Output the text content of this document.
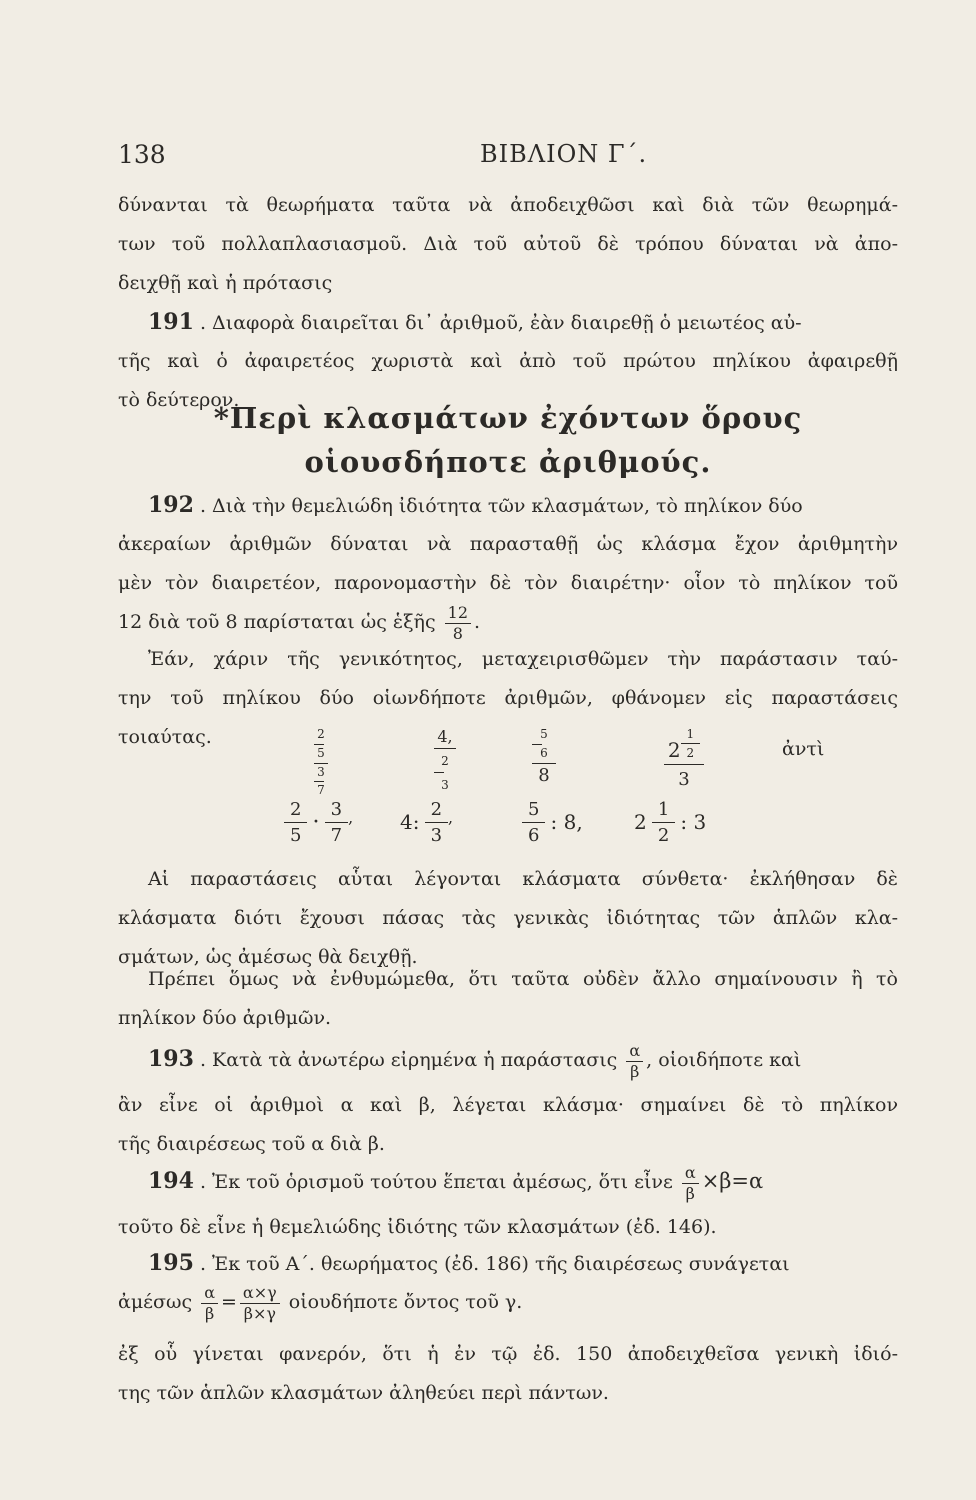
138	ΒΙΒΛΙΟΝ Γ΄.
δύνανται τὰ θεωρήματα ταῦτα νὰ ἀποδειχθῶσι καὶ διὰ τῶν θεωρημά-
των τοῦ πολλαπλασιασμοῦ. Διὰ τοῦ αὐτοῦ δὲ τρόπου δύναται νὰ ἀπο-
δειχθῇ καὶ ἡ πρότασις
191 . Διαφορὰ διαιρεῖται δι᾽ ἀριθμοῦ, ἐὰν διαιρεθῇ ὁ μειωτέος αὐ-
τῆς καὶ ὁ ἀφαιρετέος χωριστὰ καὶ ἀπὸ τοῦ πρώτου πηλίκου ἀφαιρεθῇ
τὸ δεύτερον.
*Περὶ κλασμάτων ἐχόντων ὅρους
οἱουσδήποτε ἀριθμούς.
192 . Διὰ τὴν θεμελιώδη ἰδιότητα τῶν κλασμάτων, τὸ πηλίκον δύο
ἀκεραίων ἀριθμῶν δύναται νὰ παρασταθῇ ὡς κλάσμα ἔχον ἀριθμητὴν
μὲν τὸν διαιρετέον, παρονομαστὴν δὲ τὸν διαιρέτην· οἷον τὸ πηλίκον τοῦ
12 διὰ τοῦ 8 παρίσταται ὡς ἑξῆς $\frac{12}{8}$ .
Ἐάν, χάριν τῆς γενικότητος, μεταχειρισθῶμεν τὴν παράστασιν ταύ-
την τοῦ πηλίκου δύο οἱωνδήποτε ἀριθμῶν, φθάνομεν εἰς παραστάσεις
τοιαύτας.	2
5
3
7
4,
2
3
5
6
8
$2 \frac{1}{2}$
3
ἀντὶ
$\frac{2}{5} \cdot \frac{3}{7}$ , 4: $\frac{2}{3}$ ,	$\frac{5}{6}$ : 8,	$2 \frac{1}{2}$ : 3
Αἱ παραστάσεις αὗται λέγονται κλάσματα σύνθετα· ἐκλήθησαν δὲ
κλάσματα διότι ἔχουσι πάσας τὰς γενικὰς ἰδιότητας τῶν ἁπλῶν κλα-
σμάτων, ὡς ἀμέσως θὰ δειχθῇ.
Πρέπει ὅμως νὰ ἐνθυμώμεθα, ὅτι ταῦτα οὐδὲν ἄλλο σημαίνουσιν ἢ τὸ
πηλίκον δύο ἀριθμῶν.
193 . Κατὰ τὰ ἀνωτέρω εἰρημένα ἡ παράστασις $\frac{\alpha}{\beta}$ , οἱοιδήποτε καὶ
ἂν εἶνε οἱ ἀριθμοὶ α καὶ β, λέγεται κλάσμα· σημαίνει δὲ τὸ πηλίκον
τῆς διαιρέσεως τοῦ α διὰ β.
194 . Ἐκ τοῦ ὁρισμοῦ τούτου ἕπεται ἀμέσως, ὅτι εἶνε $\frac{\alpha}{\beta} \times\beta=\alpha$
τοῦτο δὲ εἶνε ἡ θεμελιώδης ἰδιότης τῶν κλασμάτων (ἐδ. 146).
195 . Ἐκ τοῦ Α΄. θεωρήματος (ἐδ. 186) τῆς διαιρέσεως συνάγεται
ἀμέσως $\frac{\alpha}{\beta} = \frac{\alpha\times\gamma}{\beta\times\gamma}$ οἱουδήποτε ὄντος τοῦ γ.
ἐξ οὗ γίνεται φανερόν, ὅτι ἡ ἐν τῷ ἐδ. 150 ἀποδειχθεῖσα γενικὴ ἰδιό-
της τῶν ἁπλῶν κλασμάτων ἀληθεύει περὶ πάντων.
